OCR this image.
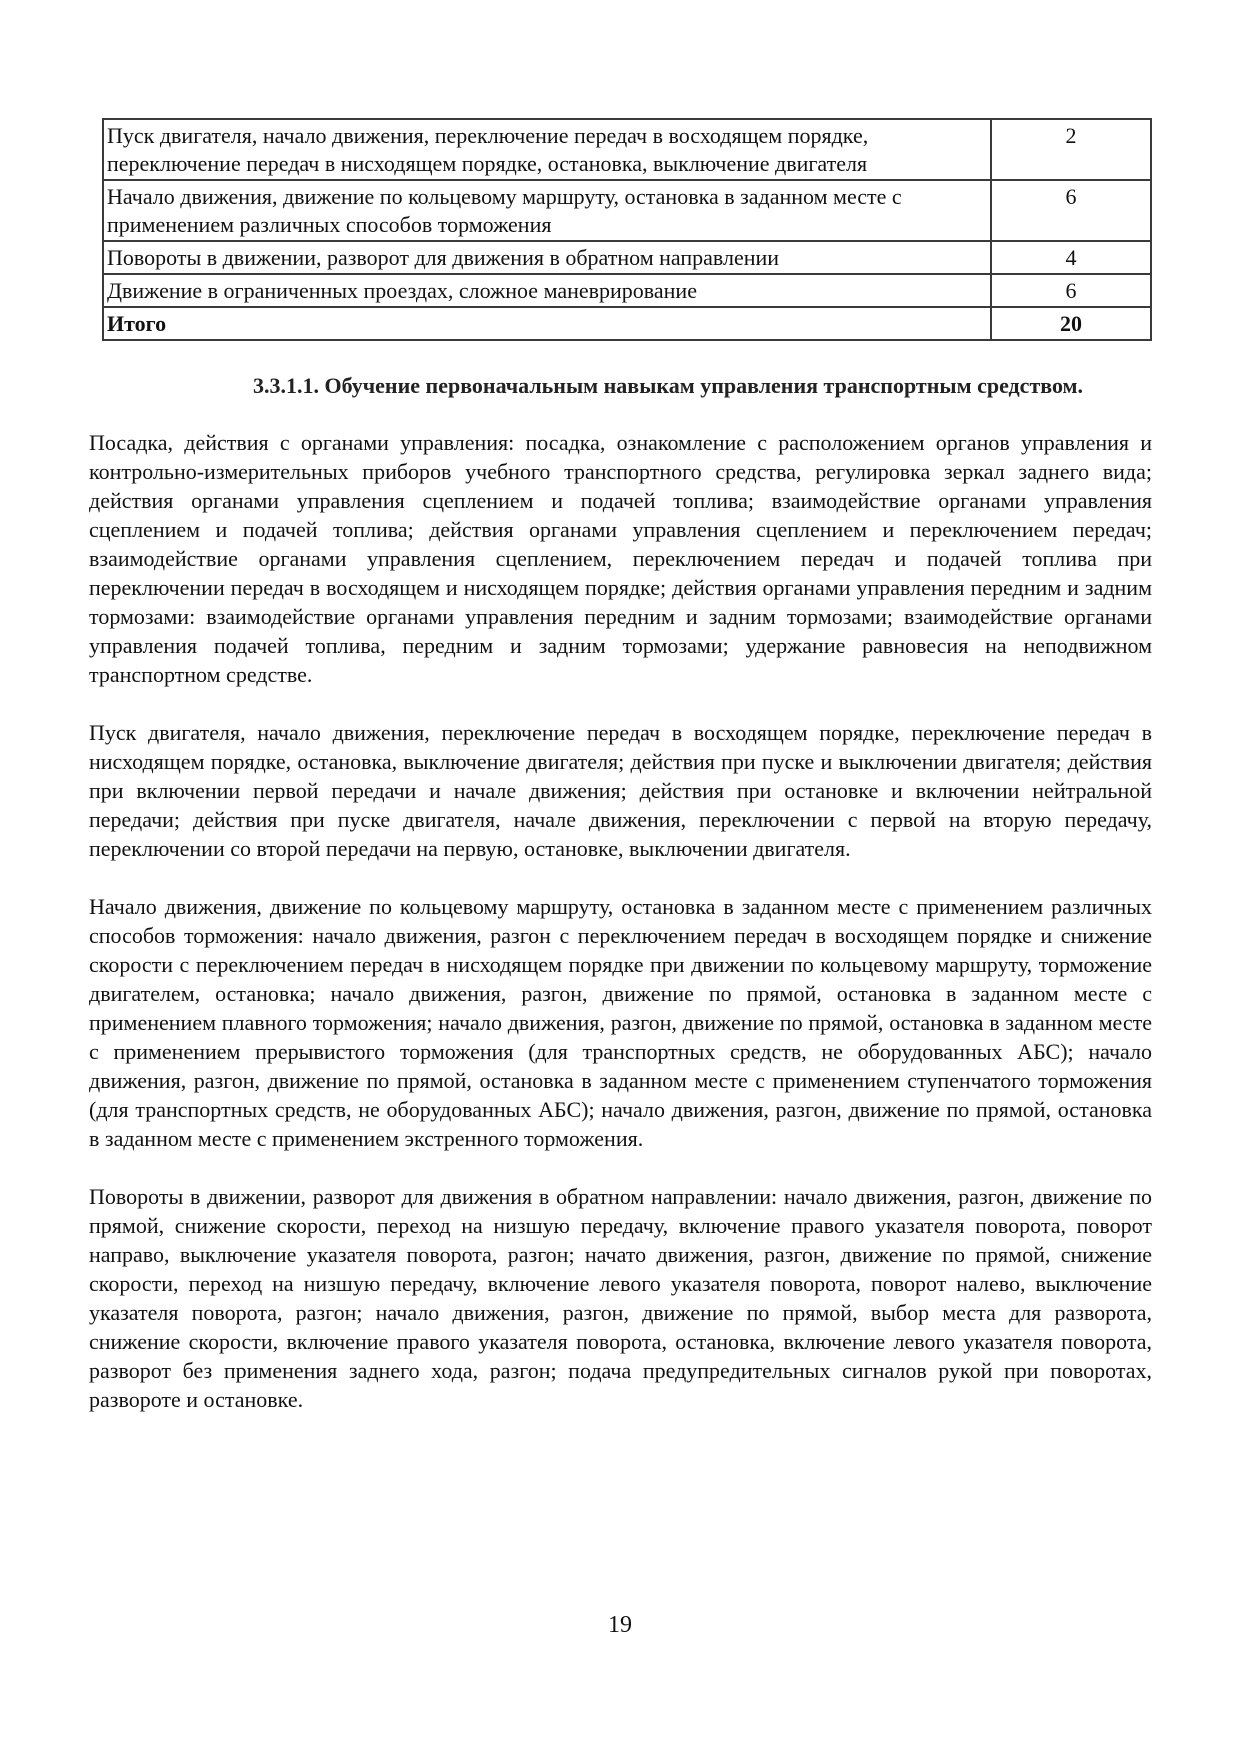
Пуск двигателя, начало движения, переключение передач в восходящем порядке, переключение передач в нисходящем порядке, остановка, выключение двигателя	2
Начало движения, движение по кольцевому маршруту, остановка в заданном месте с применением различных способов торможения	6
Повороты в движении, разворот для движения в обратном направлении	4
Движение в ограниченных проездах, сложное маневрирование	6
Итого	20
3.3.1.1. Обучение первоначальным навыкам управления транспортным средством.

Посадка, действия с органами управления: посадка, ознакомление с расположением органов управления и контрольно-измерительных приборов учебного транспортного средства, регулировка зеркал заднего вида; действия органами управления сцеплением и подачей топлива; взаимодействие органами управления сцеплением и подачей топлива; действия органами управления сцеплением и переключением передач; взаимодействие органами управления сцеплением, переключением передач и подачей топлива при переключении передач в восходящем и нисходящем порядке; действия органами управления передним и задним тормозами: взаимодействие органами управления передним и задним тормозами; взаимодействие органами управления подачей топлива, передним и задним тормозами; удержание равновесия на неподвижном транспортном средстве.

Пуск двигателя, начало движения, переключение передач в восходящем порядке, переключение передач в нисходящем порядке, остановка, выключение двигателя; действия при пуске и выключении двигателя; действия при включении первой передачи и начале движения; действия при остановке и включении нейтральной передачи; действия при пуске двигателя, начале движения, переключении с первой на вторую передачу, переключении со второй передачи на первую, остановке, выключении двигателя.

Начало движения, движение по кольцевому маршруту, остановка в заданном месте с применением различных способов торможения: начало движения, разгон с переключением передач в восходящем порядке и снижение скорости с переключением передач в нисходящем порядке при движении по кольцевому маршруту, торможение двигателем, остановка; начало движения, разгон, движение по прямой, остановка в заданном месте с применением плавного торможения; начало движения, разгон, движение по прямой, остановка в заданном месте с применением прерывистого торможения (для транспортных средств, не оборудованных АБС); начало движения, разгон, движение по прямой, остановка в заданном месте с применением ступенчатого торможения (для транспортных средств, не оборудованных АБС); начало движения, разгон, движение по прямой, остановка в заданном месте с применением экстренного торможения.

Повороты в движении, разворот для движения в обратном направлении: начало движения, разгон, движение по прямой, снижение скорости, переход на низшую передачу, включение правого указателя поворота, поворот направо, выключение указателя поворота, разгон; начато движения, разгон, движение по прямой, снижение скорости, переход на низшую передачу, включение левого указателя поворота, поворот налево, выключение указателя поворота, разгон; начало движения, разгон, движение по прямой, выбор места для разворота, снижение скорости, включение правого указателя поворота, остановка, включение левого указателя поворота, разворот без применения заднего хода, разгон; подача предупредительных сигналов рукой при поворотах, развороте и остановке.

19
